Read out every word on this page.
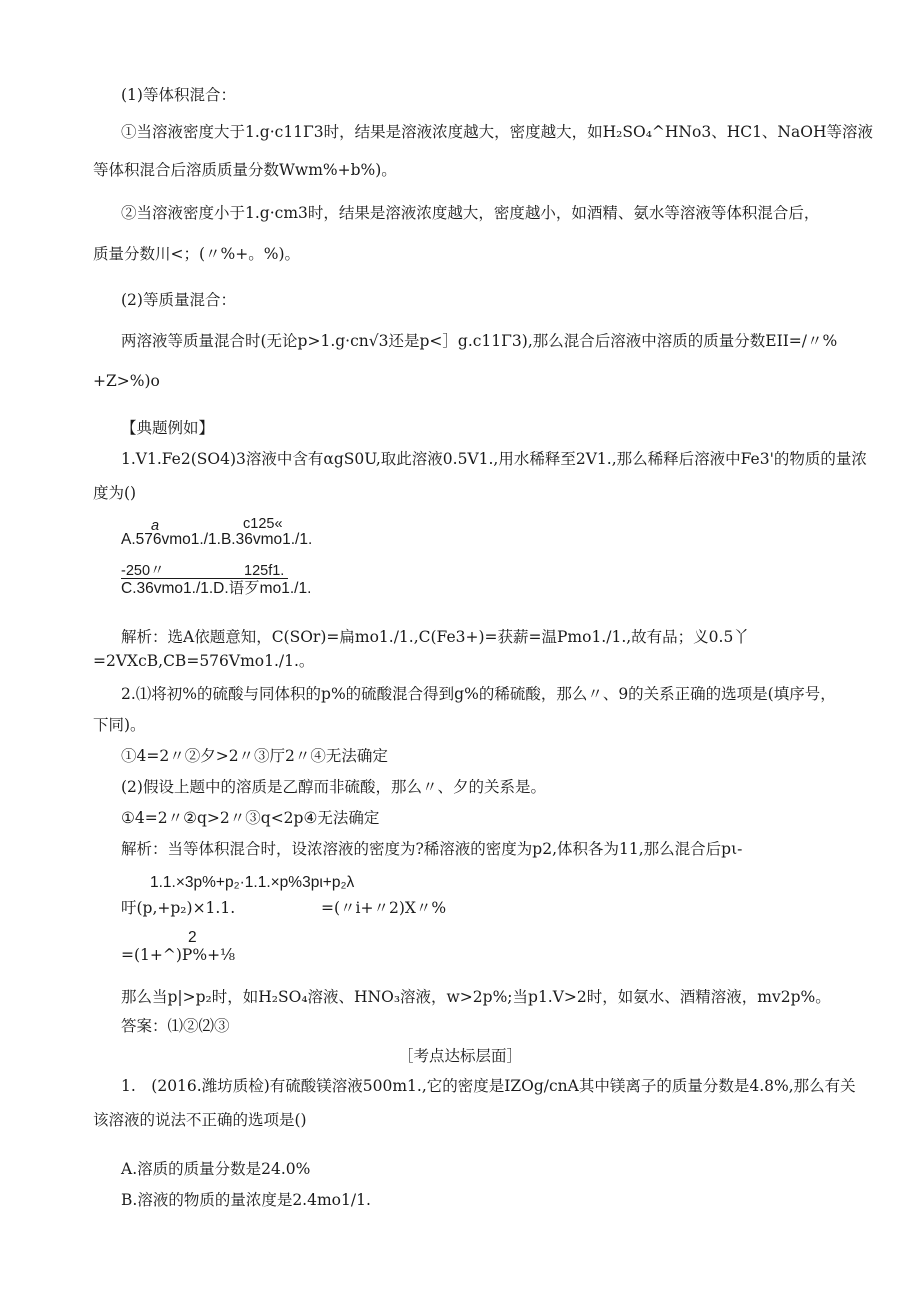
(1)等体积混合：
①当溶液密度大于1.g·c11Γ3时，结果是溶液浓度越大，密度越大，如H₂SO₄^HNo3、HC1、NaOH等溶液
等体积混合后溶质质量分数Wwm%+b%)。
②当溶液密度小于1.g·cm3时，结果是溶液浓度越大，密度越小，如酒精、氨水等溶液等体积混合后，
质量分数川<；(〃%+。%)。
(2)等质量混合：
两溶液等质量混合时(无论p>1.g·cn√3还是p<］g.c11Γ3),那么混合后溶液中溶质的质量分数ΕΙΙ=/〃%
+Z>%)o
【典题例如】
1.V1.Fe2(SO4)3溶液中含有αgS0U,取此溶液0.5V1.,用水稀释至2V1.,那么稀释后溶液中Fe3'的物质的量浓
度为()
a	c125«
A.576vmo1./1.B.36vmo1./1.
-250〃	125f1.
C.36vmo1./1.D.语歹mo1./1.
解析：选A依题意知，C(SOr)=扁mo1./1.,C(Fe3+)=获薪=温Pmo1./1.,故有品；义0.5丫
=2VXcB,ⅭB=576Vmo1./1.。
2.⑴将初%的硫酸与同体积的p%的硫酸混合得到g%的稀硫酸，那么〃、9的关系正确的选项是(填序号，
下同)。
①4=2〃②夕>2〃③厅2〃④无法确定
(2)假设上题中的溶质是乙醇而非硫酸，那么〃、夕的关系是。
①4=2〃②q>2〃③q<2p④无法确定
解析：当等体积混合时，设浓溶液的密度为?稀溶液的密度为p2,体积各为11,那么混合后pι-
1.1.×3p%+p₂·1.1.×p%3pι+p₂λ
吁(p,+p₂)×1.1.	=(〃i+〃2)X〃%
2
=(1+^)P%+⅛
那么当p|>p₂时，如H₂SO₄溶液、HNO₃溶液，w>2p%;当p1.V>2时，如氨水、酒精溶液，mv2p%。
答案：⑴②⑵③
［考点达标层面］
1.　(2016.潍坊质检)有硫酸镁溶液500m1.,它的密度是IZOg/cnA其中镁离子的质量分数是4.8%,那么有关
该溶液的说法不正确的选项是()
A.溶质的质量分数是24.0%
B.溶液的物质的量浓度是2.4mo1/1.
